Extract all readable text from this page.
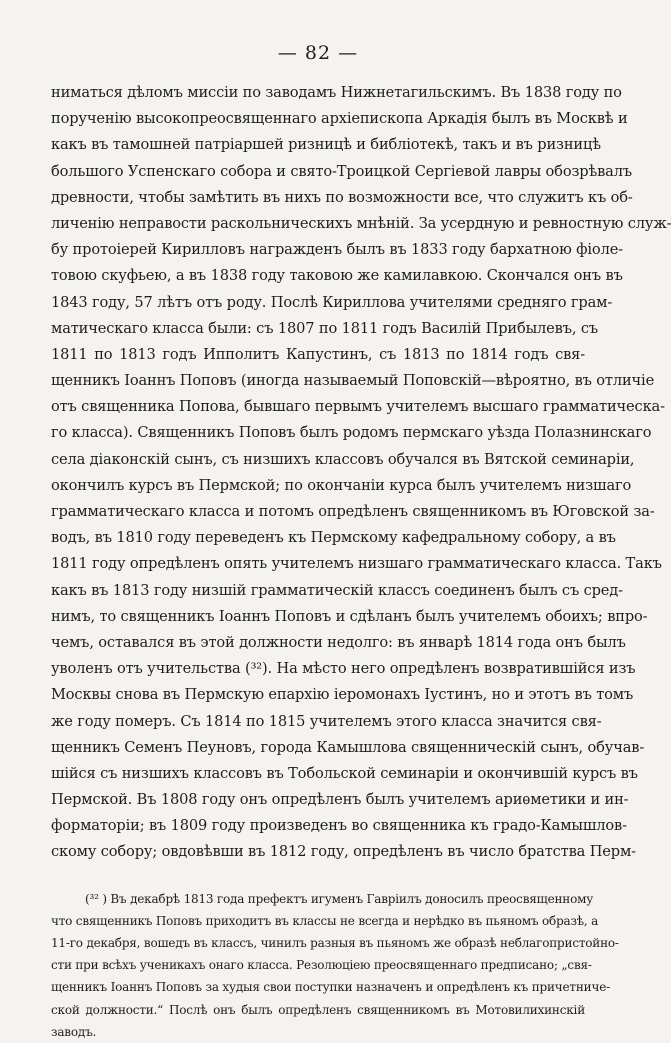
— 82 —
ниматься дѣломъ миссіи по заводамъ Нижнетагильскимъ. Въ 1838 году по
порученію высокопреосвященнаго архіепископа Аркадія былъ въ Москвѣ и
какъ въ тамошней патріаршей ризницѣ и библіотекѣ, такъ и въ ризницѣ
большого Успенскаго собора и свято-Троицкой Сергіевой лавры обозрѣвалъ
древности, чтобы замѣтить въ нихъ по возможности все, что служитъ къ об-
личенію неправости раскольническихъ мнѣній. За усердную и ревностную служ-
бу протоіерей Кирилловъ награжденъ былъ въ 1833 году бархатною фіоле-
товою скуфьею, а въ 1838 году таковою же камилавкою. Скончался онъ въ
1843 году, 57 лѣтъ отъ роду. Послѣ Кириллова учителями средняго грам-
матическаго класса были: съ 1807 по 1811 годъ Василій Прибылевъ, съ
1811 по 1813 годъ Ипполитъ Капустинъ, съ 1813 по 1814 годъ свя-
щенникъ Іоаннъ Поповъ (иногда называемый Поповскій—вѣроятно, въ отличіе
отъ священника Попова, бывшаго первымъ учителемъ высшаго грамматическа-
го класса). Священникъ Поповъ былъ родомъ пермскаго уѣзда Полазнинскаго
села діаконскій сынъ, съ низшихъ классовъ обучался въ Вятской семинаріи,
окончилъ курсъ въ Пермской; по окончаніи курса былъ учителемъ низшаго
грамматическаго класса и потомъ опредѣленъ священникомъ въ Юговской за-
водъ, въ 1810 году переведенъ къ Пермскому кафедральному собору, а въ
1811 году опредѣленъ опять учителемъ низшаго грамматическаго класса. Такъ
какъ въ 1813 году низшій грамматическій классъ соединенъ былъ съ сред-
нимъ, то священникъ Іоаннъ Поповъ и сдѣланъ былъ учителемъ обоихъ; впро-
чемъ, оставался въ этой должности недолго: въ январѣ 1814 года онъ былъ
уволенъ отъ учительства (³²). На мѣсто него опредѣленъ возвратившійся изъ
Москвы снова въ Пермскую епархію іеромонахъ Іустинъ, но и этотъ въ томъ
же году померъ. Съ 1814 по 1815 учителемъ этого класса значится свя-
щенникъ Семенъ Пеуновъ, города Камышлова священническій сынъ, обучав-
шійся съ низшихъ классовъ въ Тобольской семинаріи и окончившій курсъ въ
Пермской. Въ 1808 году онъ опредѣленъ былъ учителемъ ариѳметики и ин-
форматоріи; въ 1809 году произведенъ во священника къ градо-Камышлов-
скому собору; овдовѣвши въ 1812 году, опредѣленъ въ число братства Перм-
(³² ) Въ декабрѣ 1813 года префектъ игуменъ Гавріилъ доносилъ преосвященному
что священникъ Поповъ приходитъ въ классы не всегда и нерѣдко въ пьяномъ образѣ, а
11-го декабря, вошедъ въ классъ, чинилъ разныя въ пьяномъ же образѣ неблагопристойно-
сти при всѣхъ ученикахъ онаго класса. Резолюціею преосвященнаго предписано; „свя-
щенникъ Іоаннъ Поповъ за худыя свои поступки назначенъ и опредѣленъ къ причетниче-
ской должности.“ Послѣ онъ былъ опредѣленъ священникомъ въ Мотовилихинскій
заводъ.
